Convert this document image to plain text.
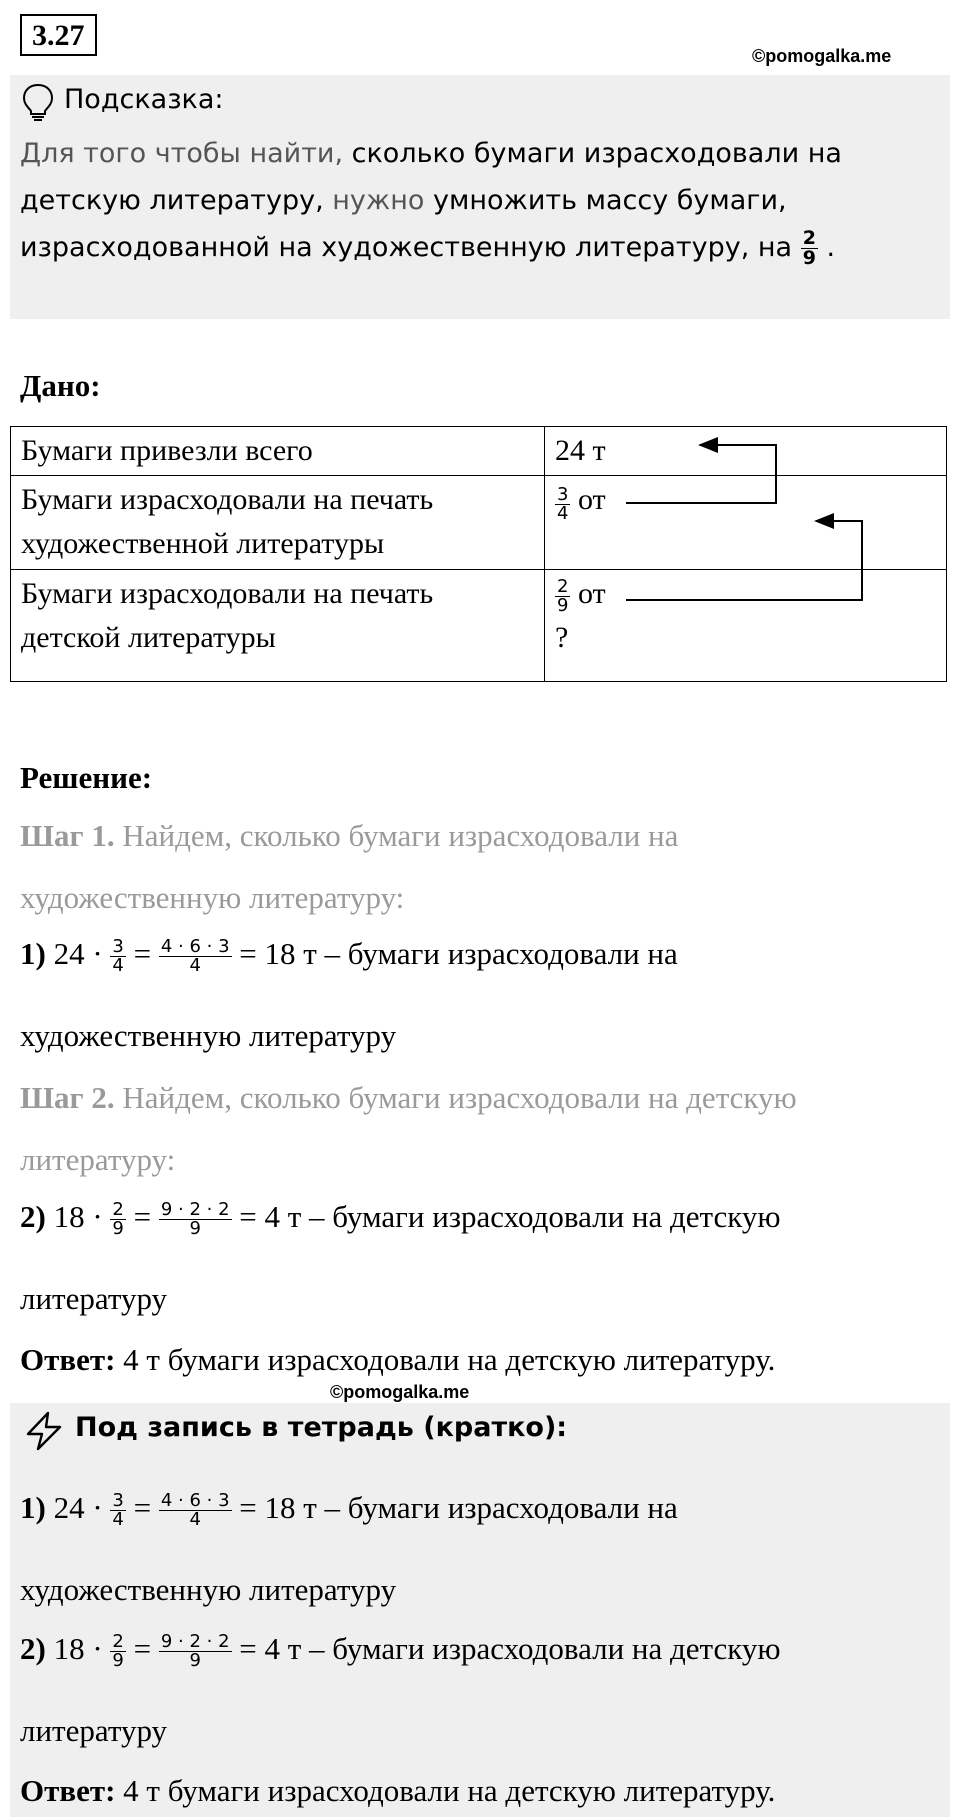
3.27
©pomogalka.me
Подсказка:
Для того чтобы найти, сколько бумаги израсходовали на детскую литературу, нужно умножить массу бумаги, израсходованной на художественную литературу, на $\frac{2}{9}$ .
Дано:
Бумаги привезли всего	24 т
Бумаги израсходовали на печать художественной литературы	$\frac{3}{4}$ от
Бумаги израсходовали на печать детской литературы	$\frac{2}{9}$ от
?
Решение:
Шаг 1. Найдем, сколько бумаги израсходовали на
художественную литературу:
1) $24 \cdot \frac{3}{4} = \frac{4 \cdot 6 \cdot 3}{4} = 18$ т – бумаги израсходовали на
художественную литературу
Шаг 2. Найдем, сколько бумаги израсходовали на детскую
литературу:
2) $18 \cdot \frac{2}{9} = \frac{9 \cdot 2 \cdot 2}{9} = 4$ т – бумаги израсходовали на детскую
литературу
Ответ: 4 т бумаги израсходовали на детскую литературу.
©pomogalka.me
Под запись в тетрадь (кратко):
1) $24 \cdot \frac{3}{4} = \frac{4 \cdot 6 \cdot 3}{4} = 18$ т – бумаги израсходовали на
художественную литературу
2) $18 \cdot \frac{2}{9} = \frac{9 \cdot 2 \cdot 2}{9} = 4$ т – бумаги израсходовали на детскую
литературу
Ответ: 4 т бумаги израсходовали на детскую литературу.
